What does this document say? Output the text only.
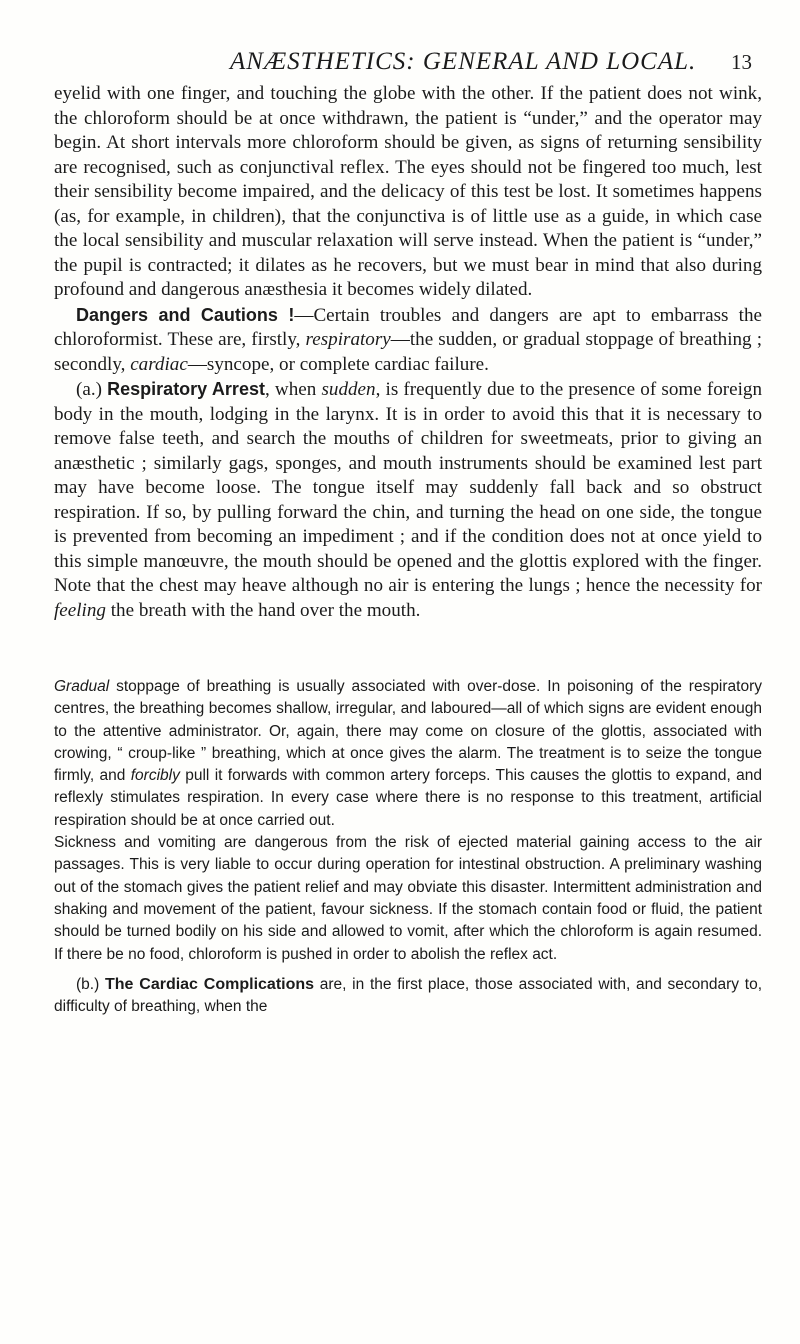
ANÆSTHETICS: GENERAL AND LOCAL. 13

eyelid with one finger, and touching the globe with the other. If the patient does not wink, the chloroform should be at once withdrawn, the patient is “under,” and the operator may begin. At short intervals more chloroform should be given, as signs of returning sensibility are recognised, such as conjunctival reflex. The eyes should not be fingered too much, lest their sensibility become impaired, and the delicacy of this test be lost. It sometimes happens (as, for example, in children), that the conjunctiva is of little use as a guide, in which case the local sensibility and muscular relaxation will serve instead. When the patient is “under,” the pupil is contracted; it dilates as he recovers, but we must bear in mind that also during profound and dangerous anæsthesia it becomes widely dilated.

Dangers and Cautions !—Certain troubles and dangers are apt to embarrass the chloroformist. These are, firstly, respiratory—the sudden, or gradual stoppage of breathing ; secondly, cardiac—syncope, or complete cardiac failure.

(a.) Respiratory Arrest, when sudden, is frequently due to the presence of some foreign body in the mouth, lodging in the larynx. It is in order to avoid this that it is necessary to remove false teeth, and search the mouths of children for sweetmeats, prior to giving an anæsthetic ; similarly gags, sponges, and mouth instruments should be examined lest part may have become loose. The tongue itself may suddenly fall back and so obstruct respiration. If so, by pulling forward the chin, and turning the head on one side, the tongue is prevented from becoming an impediment ; and if the condition does not at once yield to this simple manœuvre, the mouth should be opened and the glottis explored with the finger. Note that the chest may heave although no air is entering the lungs ; hence the necessity for feeling the breath with the hand over the mouth.

Gradual stoppage of breathing is usually associated with over-dose. In poisoning of the respiratory centres, the breathing becomes shallow, irregular, and laboured—all of which signs are evident enough to the attentive administrator. Or, again, there may come on closure of the glottis, associated with crowing, “ croup-like ” breathing, which at once gives the alarm. The treatment is to seize the tongue firmly, and forcibly pull it forwards with common artery forceps. This causes the glottis to expand, and reflexly stimulates respiration. In every case where there is no response to this treatment, artificial respiration should be at once carried out.

Sickness and vomiting are dangerous from the risk of ejected material gaining access to the air passages. This is very liable to occur during operation for intestinal obstruction. A preliminary washing out of the stomach gives the patient relief and may obviate this disaster. Intermittent administration and shaking and movement of the patient, favour sickness. If the stomach contain food or fluid, the patient should be turned bodily on his side and allowed to vomit, after which the chloroform is again resumed. If there be no food, chloroform is pushed in order to abolish the reflex act.

(b.) The Cardiac Complications are, in the first place, those associated with, and secondary to, difficulty of breathing, when the
